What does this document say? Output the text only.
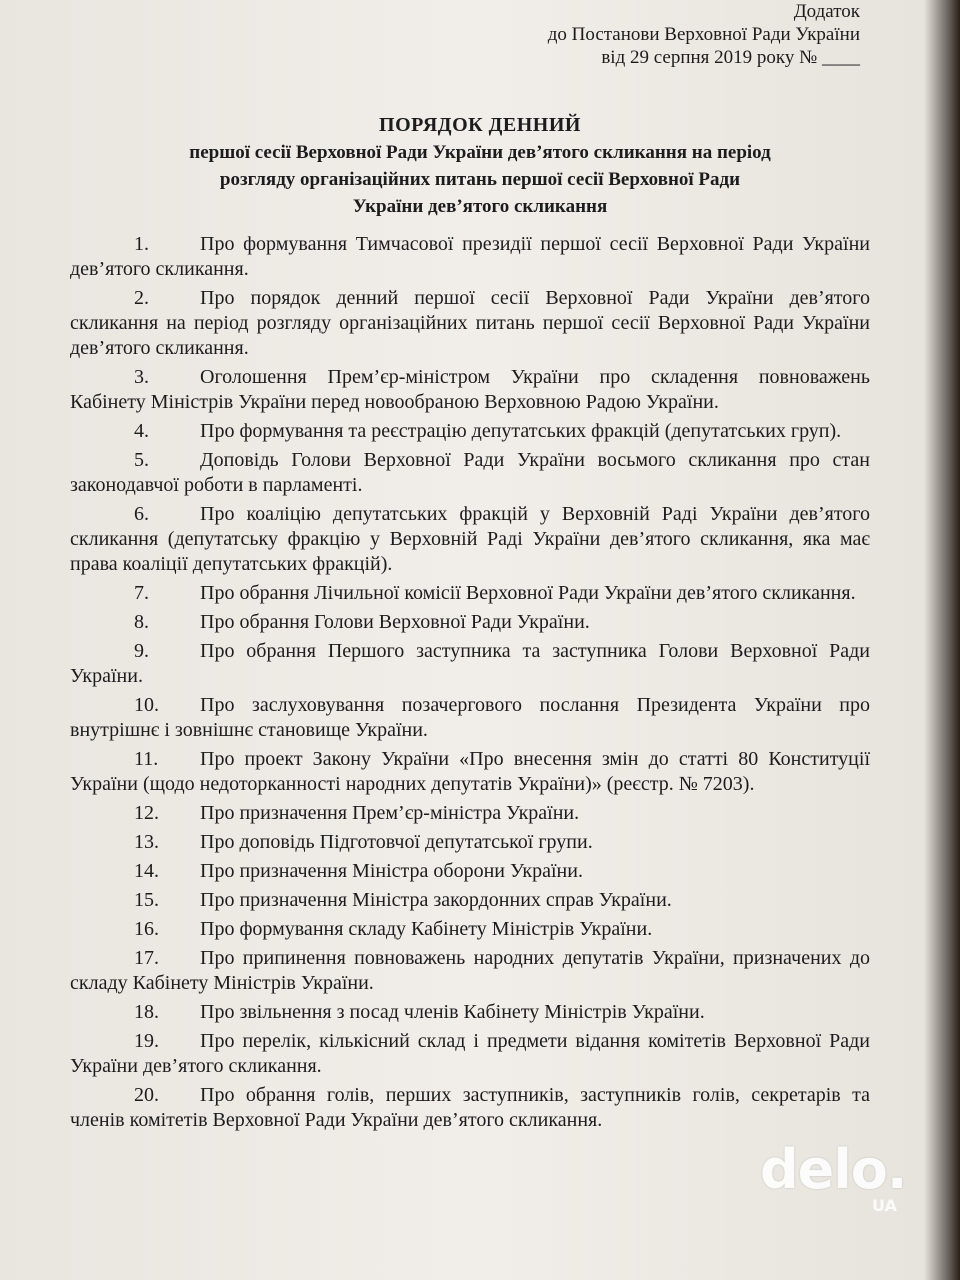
Додаток
до Постанови Верховної Ради України
від 29 серпня 2019 року № ____
ПОРЯДОК ДЕННИЙ
першої сесії Верховної Ради України дев’ятого скликання на період
розгляду організаційних питань першої сесії Верховної Ради
України дев’ятого скликання
1.	Про формування Тимчасової президії першої сесії Верховної Ради України дев’ятого скликання.
2.	Про порядок денний першої сесії Верховної Ради України дев’ятого скликання на період розгляду організаційних питань першої сесії Верховної Ради України дев’ятого скликання.
3.	Оголошення Прем’єр-міністром України про складення повноважень Кабінету Міністрів України перед новообраною Верховною Радою України.
4.	Про формування та реєстрацію депутатських фракцій (депутатських груп).
5.	Доповідь Голови Верховної Ради України восьмого скликання про стан законодавчої роботи в парламенті.
6.	Про коаліцію депутатських фракцій у Верховній Раді України дев’ятого скликання (депутатську фракцію у Верховній Раді України дев’ятого скликання, яка має права коаліції депутатських фракцій).
7.	Про обрання Лічильної комісії Верховної Ради України дев’ятого скликання.
8.	Про обрання Голови Верховної Ради України.
9.	Про обрання Першого заступника та заступника Голови Верховної Ради України.
10. Про заслуховування позачергового послання Президента України про внутрішнє і зовнішнє становище України.
11. Про проект Закону України «Про внесення змін до статті 80 Конституції України (щодо недоторканності народних депутатів України)» (реєстр. № 7203).
12. Про призначення Прем’єр-міністра України.
13. Про доповідь Підготовчої депутатської групи.
14. Про призначення Міністра оборони України.
15. Про призначення Міністра закордонних справ України.
16. Про формування складу Кабінету Міністрів України.
17. Про припинення повноважень народних депутатів України, призначених до складу Кабінету Міністрів України.
18. Про звільнення з посад членів Кабінету Міністрів України.
19. Про перелік, кількісний склад і предмети відання комітетів Верховної Ради України дев’ятого скликання.
20. Про обрання голів, перших заступників, заступників голів, секретарів та членів комітетів Верховної Ради України дев’ятого скликання.
delo.
UA
